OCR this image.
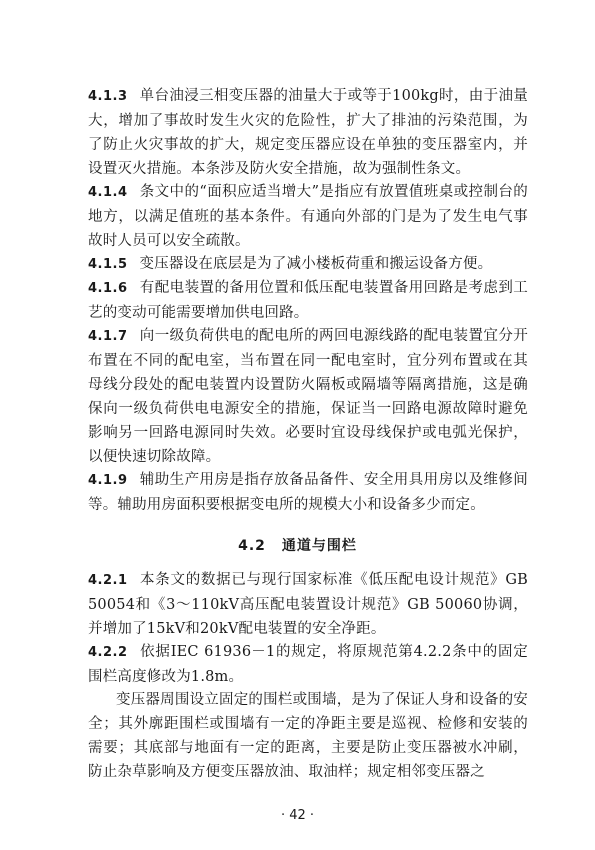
4.1.3 单台油浸三相变压器的油量大于或等于100kg时，由于油量大，增加了事故时发生火灾的危险性，扩大了排油的污染范围，为了防止火灾事故的扩大，规定变压器应设在单独的变压器室内，并设置灭火措施。本条涉及防火安全措施，故为强制性条文。

4.1.4 条文中的“面积应适当增大”是指应有放置值班桌或控制台的地方，以满足值班的基本条件。有通向外部的门是为了发生电气事故时人员可以安全疏散。

4.1.5 变压器设在底层是为了减小楼板荷重和搬运设备方便。

4.1.6 有配电装置的备用位置和低压配电装置备用回路是考虑到工艺的变动可能需要增加供电回路。

4.1.7 向一级负荷供电的配电所的两回电源线路的配电装置宜分开布置在不同的配电室，当布置在同一配电室时，宜分列布置或在其母线分段处的配电装置内设置防火隔板或隔墙等隔离措施，这是确保向一级负荷供电电源安全的措施，保证当一回路电源故障时避免影响另一回路电源同时失效。必要时宜设母线保护或电弧光保护，以便快速切除故障。

4.1.9 辅助生产用房是指存放备品备件、安全用具用房以及维修间等。辅助用房面积要根据变电所的规模大小和设备多少而定。

4.2 通道与围栏

4.2.1 本条文的数据已与现行国家标准《低压配电设计规范》GB 50054和《3～110kV高压配电装置设计规范》GB 50060协调，并增加了15kV和20kV配电装置的安全净距。

4.2.2 依据IEC 61936－1的规定，将原规范第4.2.2条中的固定围栏高度修改为1.8m。

变压器周围设立固定的围栏或围墙，是为了保证人身和设备的安全；其外廓距围栏或围墙有一定的净距主要是巡视、检修和安装的需要；其底部与地面有一定的距离，主要是防止变压器被水冲刷，防止杂草影响及方便变压器放油、取油样；规定相邻变压器之

· 42 ·
